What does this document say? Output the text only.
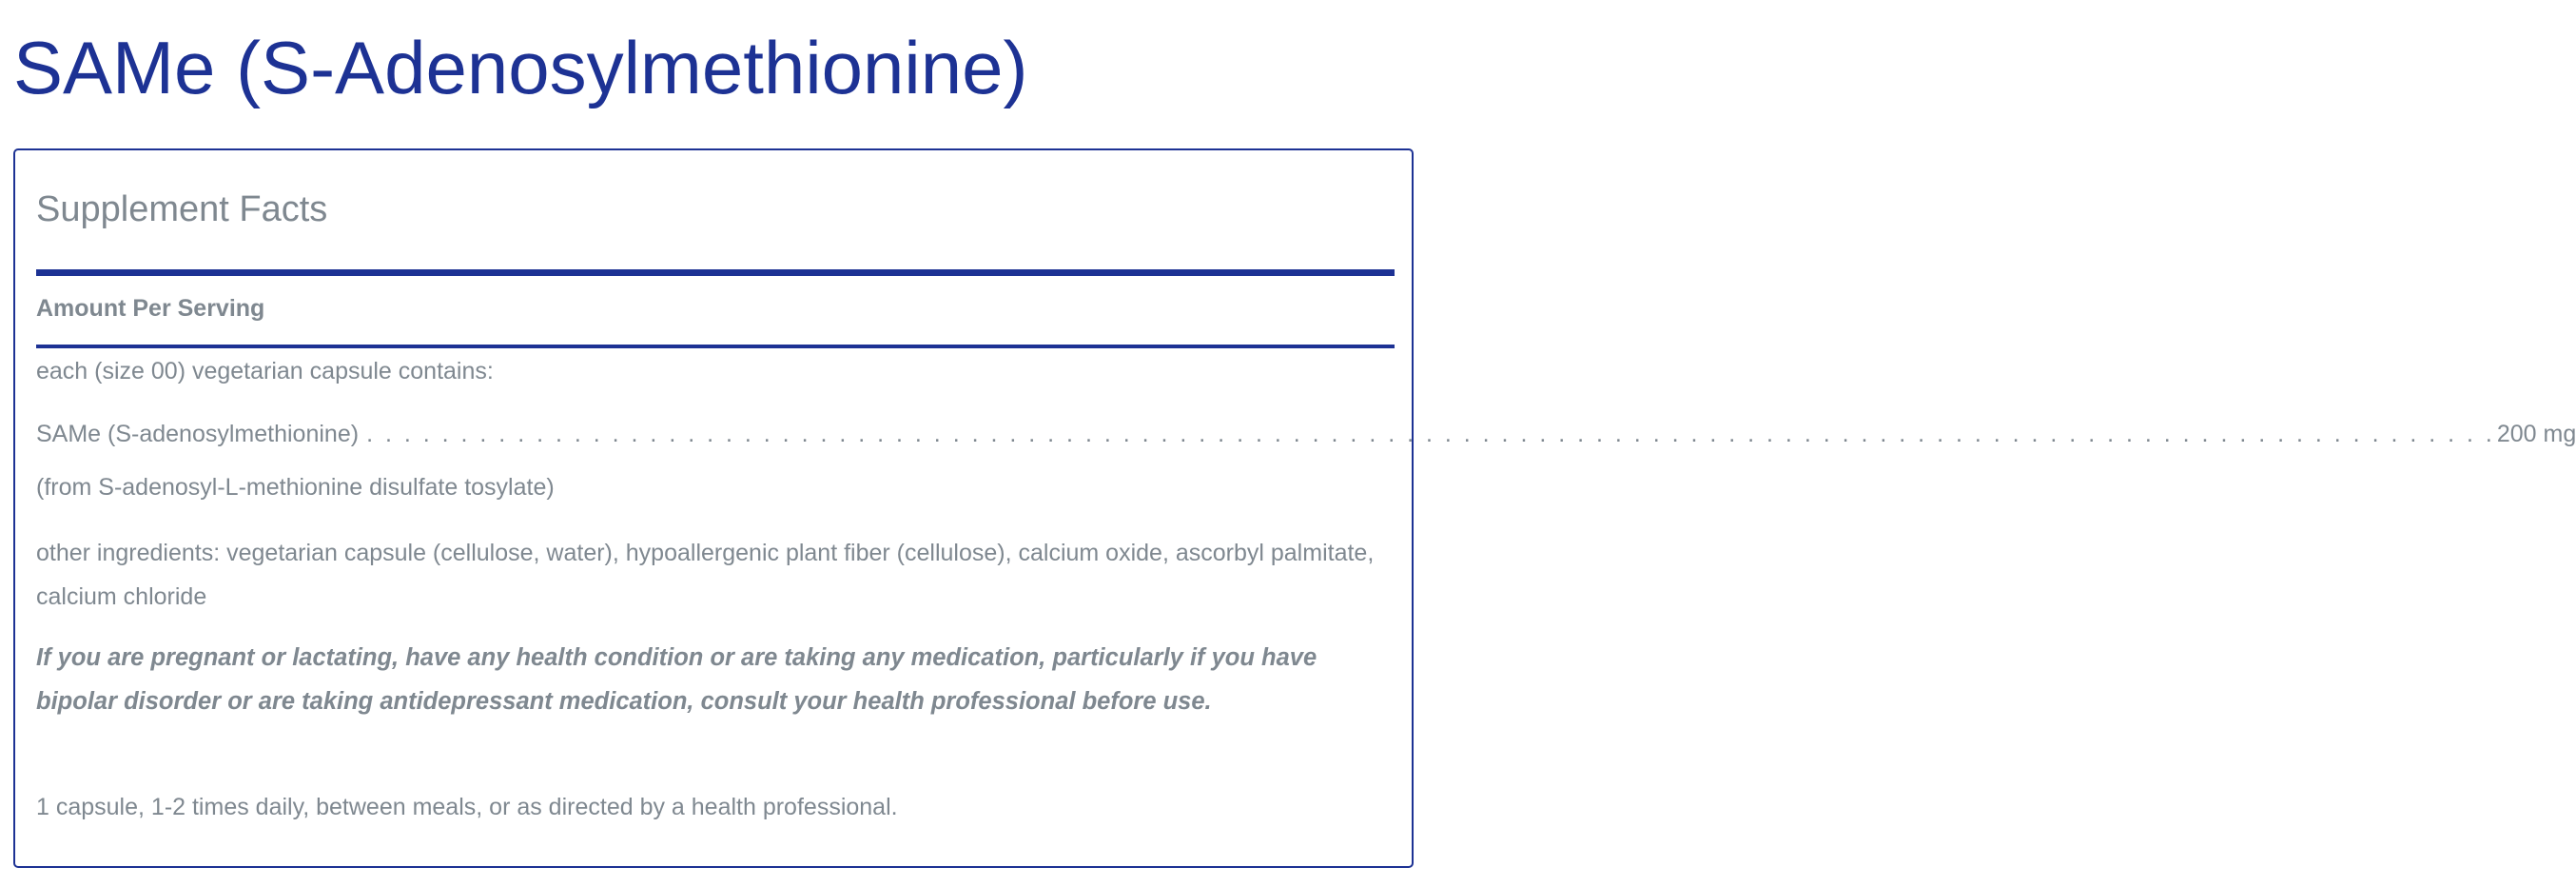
SAMe (S-Adenosylmethionine)
Supplement Facts

Amount Per Serving

each (size 00) vegetarian capsule contains:

SAMe (S-adenosylmethionine) . . . . . . . . . . . . . . . . . . . . . . . . . . . . . . . . . . . . . . . . . . . . . . . . . . . . . . . . . . . . . . . . . . . . . . . . . . . . . . . . . . . . . . . . . . . . . . . . . . . . . . . . . . . . . . . . . 200 mg

(from S-adenosyl-L-methionine disulfate tosylate)

other ingredients: vegetarian capsule (cellulose, water), hypoallergenic plant fiber (cellulose), calcium oxide, ascorbyl palmitate, calcium chloride

If you are pregnant or lactating, have any health condition or are taking any medication, particularly if you have bipolar disorder or are taking antidepressant medication, consult your health professional before use.

1 capsule, 1-2 times daily, between meals, or as directed by a health professional.
